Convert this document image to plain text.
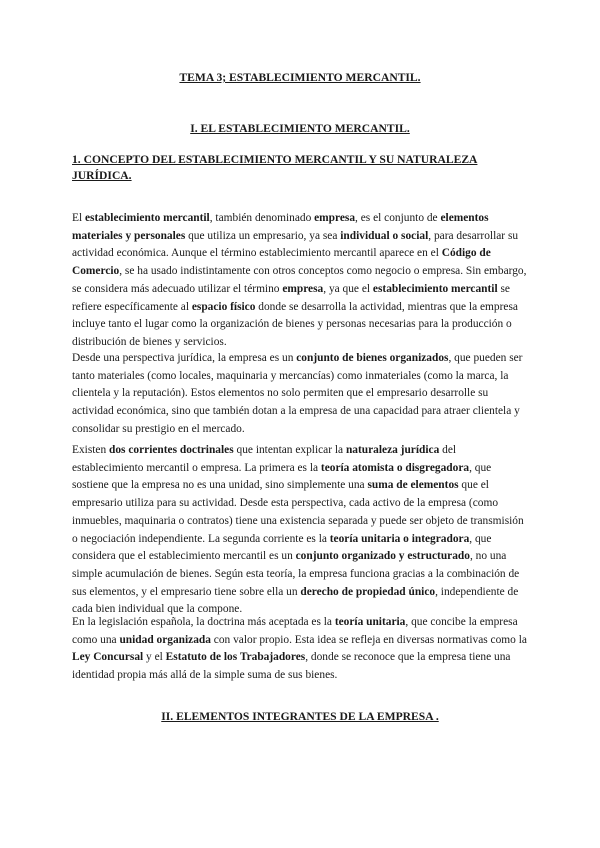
TEMA 3; ESTABLECIMIENTO MERCANTIL.

I. EL ESTABLECIMIENTO MERCANTIL.

1. CONCEPTO DEL ESTABLECIMIENTO MERCANTIL Y SU NATURALEZA JURÍDICA.

El establecimiento mercantil, también denominado empresa, es el conjunto de elementos materiales y personales que utiliza un empresario, ya sea individual o social, para desarrollar su actividad económica. Aunque el término establecimiento mercantil aparece en el Código de Comercio, se ha usado indistintamente con otros conceptos como negocio o empresa. Sin embargo, se considera más adecuado utilizar el término empresa, ya que el establecimiento mercantil se refiere específicamente al espacio físico donde se desarrolla la actividad, mientras que la empresa incluye tanto el lugar como la organización de bienes y personas necesarias para la producción o distribución de bienes y servicios.

Desde una perspectiva jurídica, la empresa es un conjunto de bienes organizados, que pueden ser tanto materiales (como locales, maquinaria y mercancías) como inmateriales (como la marca, la clientela y la reputación). Estos elementos no solo permiten que el empresario desarrolle su actividad económica, sino que también dotan a la empresa de una capacidad para atraer clientela y consolidar su prestigio en el mercado.

Existen dos corrientes doctrinales que intentan explicar la naturaleza jurídica del establecimiento mercantil o empresa. La primera es la teoría atomista o disgregadora, que sostiene que la empresa no es una unidad, sino simplemente una suma de elementos que el empresario utiliza para su actividad. Desde esta perspectiva, cada activo de la empresa (como inmuebles, maquinaria o contratos) tiene una existencia separada y puede ser objeto de transmisión o negociación independiente. La segunda corriente es la teoría unitaria o integradora, que considera que el establecimiento mercantil es un conjunto organizado y estructurado, no una simple acumulación de bienes. Según esta teoría, la empresa funciona gracias a la combinación de sus elementos, y el empresario tiene sobre ella un derecho de propiedad único, independiente de cada bien individual que la compone.

En la legislación española, la doctrina más aceptada es la teoría unitaria, que concibe la empresa como una unidad organizada con valor propio. Esta idea se refleja en diversas normativas como la Ley Concursal y el Estatuto de los Trabajadores, donde se reconoce que la empresa tiene una identidad propia más allá de la simple suma de sus bienes.

II. ELEMENTOS INTEGRANTES DE LA EMPRESA .
